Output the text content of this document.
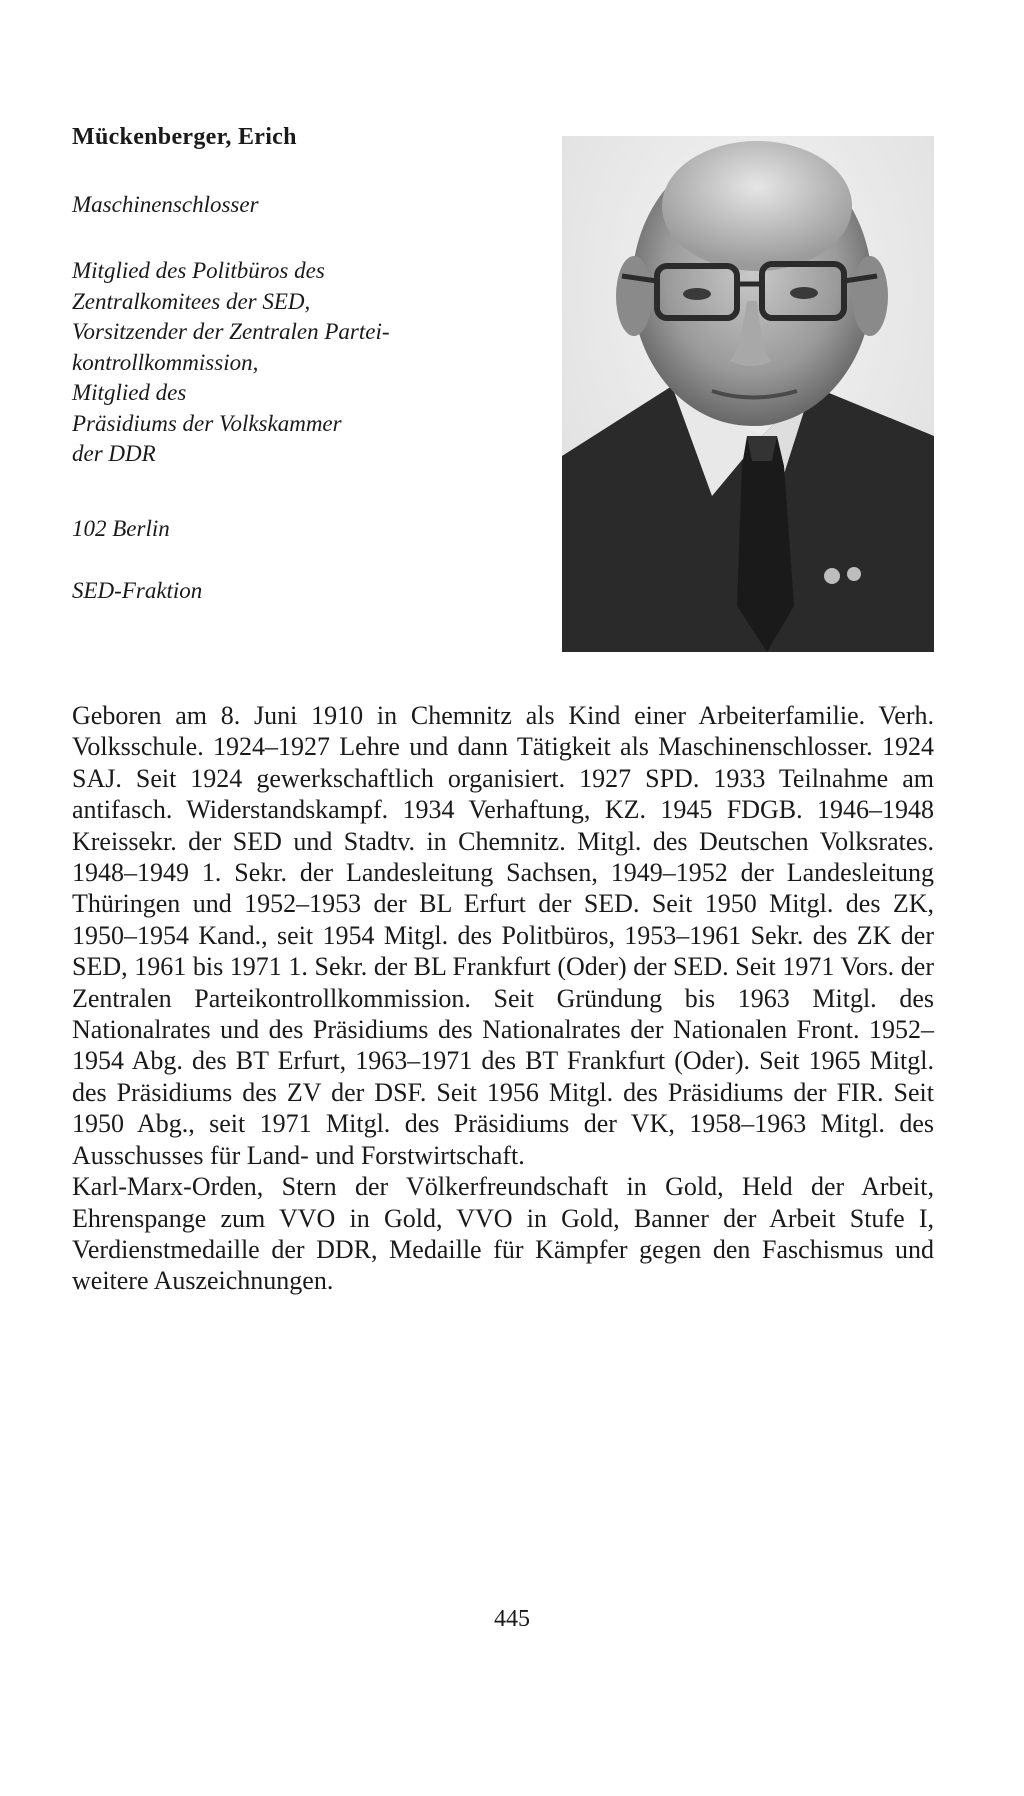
Mückenberger, Erich
Maschinenschlosser
Mitglied des Politbüros des
Zentralkomitees der SED,
Vorsitzender der Zentralen Partei-
kontrollkommission,
Mitglied des
Präsidiums der Volkskammer
der DDR
102 Berlin
SED-Fraktion

Geboren am 8. Juni 1910 in Chemnitz als Kind einer Arbeiterfamilie. Verh. Volksschule. 1924–1927 Lehre und dann Tätigkeit als Maschinenschlosser. 1924 SAJ. Seit 1924 gewerkschaftlich organisiert. 1927 SPD. 1933 Teilnahme am antifasch. Widerstandskampf. 1934 Verhaftung, KZ. 1945 FDGB. 1946–1948 Kreissekr. der SED und Stadtv. in Chemnitz. Mitgl. des Deutschen Volksrates. 1948–1949 1. Sekr. der Landesleitung Sachsen, 1949–1952 der Landesleitung Thüringen und 1952–1953 der BL Erfurt der SED. Seit 1950 Mitgl. des ZK, 1950–1954 Kand., seit 1954 Mitgl. des Politbüros, 1953–1961 Sekr. des ZK der SED, 1961 bis 1971 1. Sekr. der BL Frankfurt (Oder) der SED. Seit 1971 Vors. der Zentralen Parteikontrollkommission. Seit Gründung bis 1963 Mitgl. des Nationalrates und des Präsidiums des Nationalrates der Nationalen Front. 1952–1954 Abg. des BT Erfurt, 1963–1971 des BT Frankfurt (Oder). Seit 1965 Mitgl. des Präsidiums des ZV der DSF. Seit 1956 Mitgl. des Präsidiums der FIR. Seit 1950 Abg., seit 1971 Mitgl. des Präsidiums der VK, 1958–1963 Mitgl. des Ausschusses für Land- und Forstwirtschaft.

Karl-Marx-Orden, Stern der Völkerfreundschaft in Gold, Held der Arbeit, Ehrenspange zum VVO in Gold, VVO in Gold, Banner der Arbeit Stufe I, Verdienstmedaille der DDR, Medaille für Kämpfer gegen den Faschismus und weitere Auszeichnungen.

445
